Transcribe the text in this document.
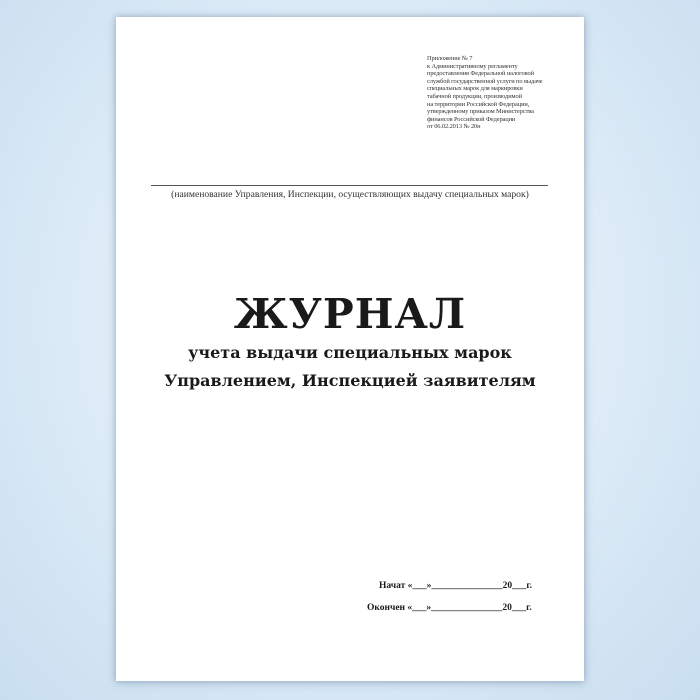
Приложение № 7
к Административному регламенту
предоставления Федеральной налоговой
службой государственной услуги по выдаче
специальных марок для маркировки
табачной продукции, производимой
на территории Российской Федерации,
утвержденному приказом Министерства
финансов Российской Федерации
от 06.02.2013 № 20н
(наименование Управления, Инспекции, осуществляющих выдачу специальных марок)
ЖУРНАЛ
учета выдачи специальных марок
Управлением, Инспекцией заявителям
Начат «___»_______________20___г.
Окончен «___»_______________20___г.
